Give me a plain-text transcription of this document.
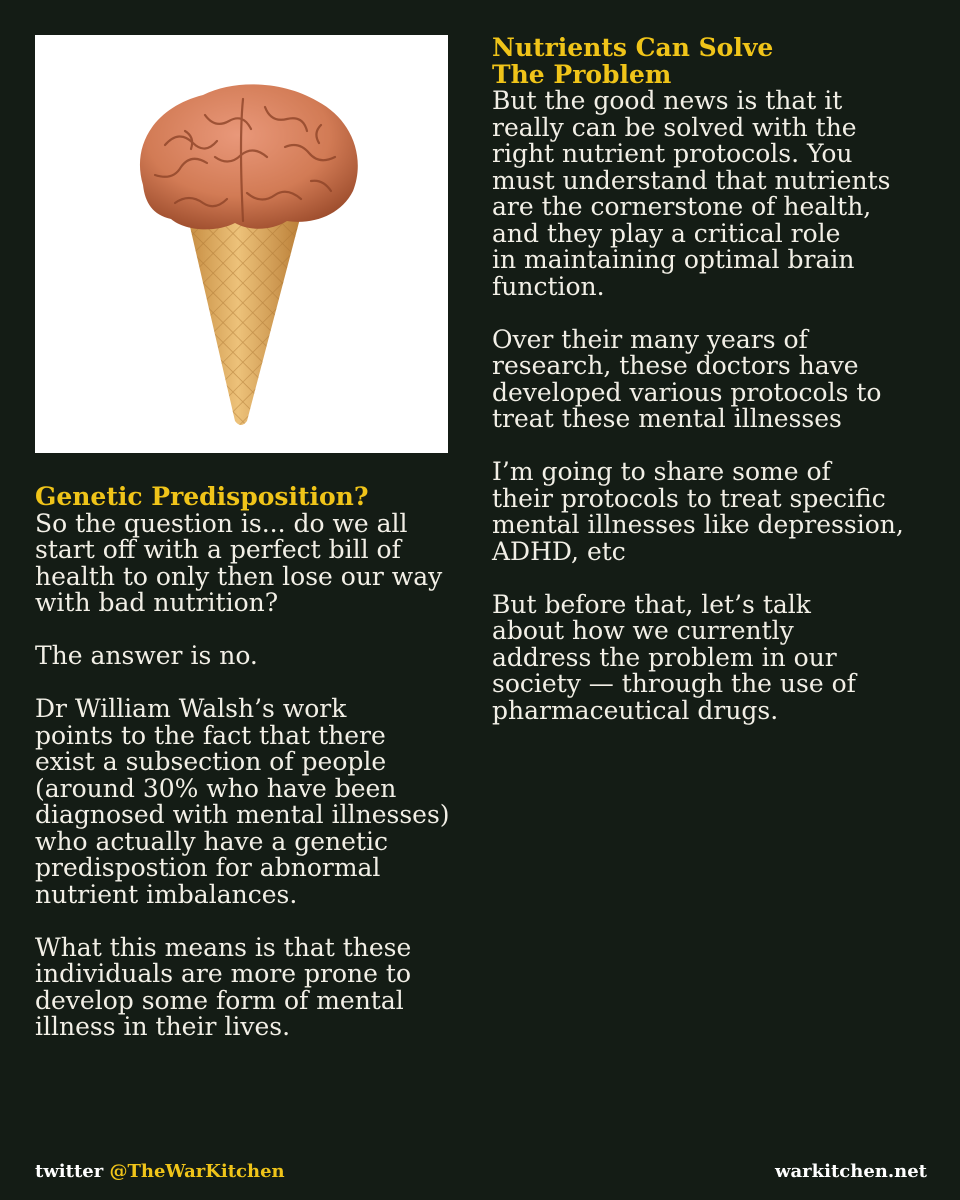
Genetic Predisposition?

So the question is... do we all
start off with a perfect bill of
health to only then lose our way
with bad nutrition?

The answer is no.

Dr William Walsh’s work
points to the fact that there
exist a subsection of people
(around 30% who have been
diagnosed with mental illnesses)
who actually have a genetic
predispostion for abnormal
nutrient imbalances.

What this means is that these
individuals are more prone to
develop some form of mental
illness in their lives.

Nutrients Can Solve

The Problem

But the good news is that it
really can be solved with the
right nutrient protocols. You
must understand that nutrients
are the cornerstone of health,
and they play a critical role
in maintaining optimal brain
function.

Over their many years of
research, these doctors have
developed various protocols to
treat these mental illnesses

I’m going to share some of
their protocols to treat specific
mental illnesses like depression,
ADHD, etc

But before that, let’s talk
about how we currently
address the problem in our
society — through the use of
pharmaceutical drugs.

twitter @TheWarKitchen	warkitchen.net
